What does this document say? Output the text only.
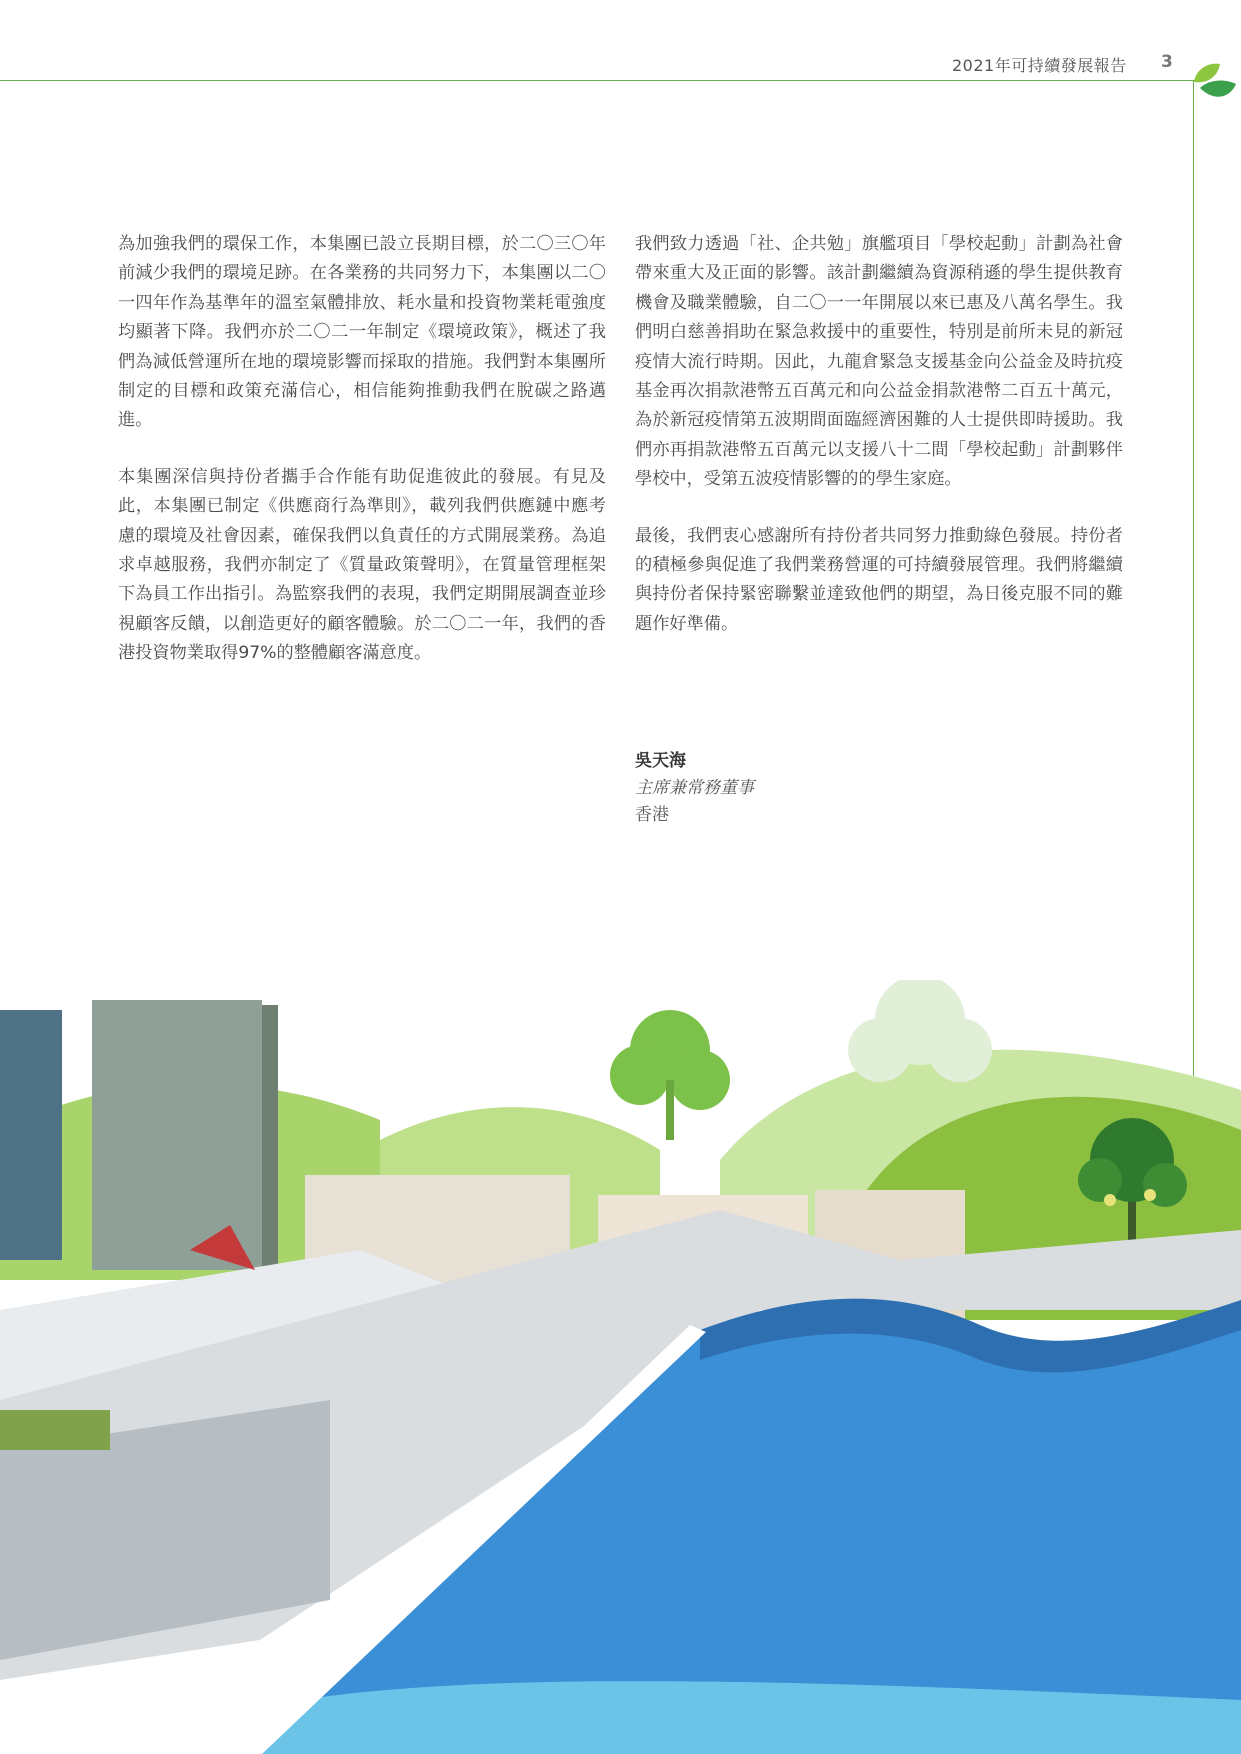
2021年可持續發展報告 3

為加強我們的環保工作，本集團已設立長期目標，於二〇三〇年前減少我們的環境足跡。在各業務的共同努力下，本集團以二〇一四年作為基準年的溫室氣體排放、耗水量和投資物業耗電強度均顯著下降。我們亦於二〇二一年制定《環境政策》，概述了我們為減低營運所在地的環境影響而採取的措施。我們對本集團所制定的目標和政策充滿信心，相信能夠推動我們在脫碳之路邁進。

本集團深信與持份者攜手合作能有助促進彼此的發展。有見及此，本集團已制定《供應商行為準則》，載列我們供應鏈中應考慮的環境及社會因素，確保我們以負責任的方式開展業務。為追求卓越服務，我們亦制定了《質量政策聲明》，在質量管理框架下為員工作出指引。為監察我們的表現，我們定期開展調查並珍視顧客反饋，以創造更好的顧客體驗。於二〇二一年，我們的香港投資物業取得97%的整體顧客滿意度。

我們致力透過「社、企共勉」旗艦項目「學校起動」計劃為社會帶來重大及正面的影響。該計劃繼續為資源稍遜的學生提供教育機會及職業體驗，自二〇一一年開展以來已惠及八萬名學生。我們明白慈善捐助在緊急救援中的重要性，特別是前所未見的新冠疫情大流行時期。因此，九龍倉緊急支援基金向公益金及時抗疫基金再次捐款港幣五百萬元和向公益金捐款港幣二百五十萬元，為於新冠疫情第五波期間面臨經濟困難的人士提供即時援助。我們亦再捐款港幣五百萬元以支援八十二間「學校起動」計劃夥伴學校中，受第五波疫情影響的的學生家庭。

最後，我們衷心感謝所有持份者共同努力推動綠色發展。持份者的積極參與促進了我們業務營運的可持續發展管理。我們將繼續與持份者保持緊密聯繫並達致他們的期望，為日後克服不同的難題作好準備。

吳天海
主席兼常務董事
香港
